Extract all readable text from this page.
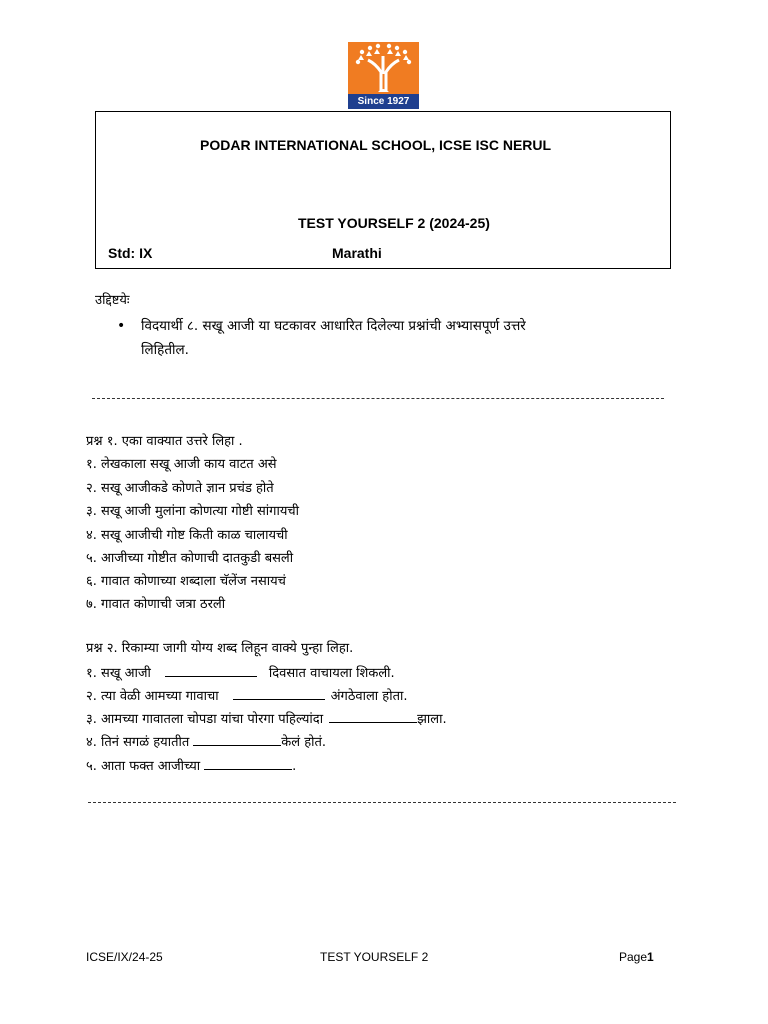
Since 1927
PODAR INTERNATIONAL SCHOOL, ICSE ISC NERUL
TEST YOURSELF 2 (2024-25)
Std: IX	Marathi
उद्दिष्टयेः
• विदयार्थी ८. सखू आजी या घटकावर आधारित दिलेल्या प्रश्नांची अभ्यासपूर्ण उत्तरे
लिहितील.
प्रश्न १. एका वाक्यात उत्तरे लिहा .
१. लेखकाला सखू आजी काय वाटत असे
२. सखू आजीकडे कोणते ज्ञान प्रचंड होते
३. सखू आजी मुलांना कोणत्या गोष्टी सांगायची
४. सखू आजीची गोष्ट किती काळ चालायची
५. आजीच्या गोष्टीत कोणाची दातकुडी बसली
६. गावात कोणाच्या शब्दाला चॅलेंज नसायचं
७. गावात कोणाची जत्रा ठरली
प्रश्न २. रिकाम्या जागी योग्य शब्द लिहून वाक्ये पुन्हा लिहा.
१. सखू आजी	दिवसात वाचायला शिकली.
२. त्या वेळी आमच्या गावाचा	अंगठेवाला होता.
३. आमच्या गावातला चोपडा यांचा पोरगा पहिल्यांदा	झाला.
४. तिनं सगळं हयातीत	केलं होतं.
५. आता फक्त आजीच्या	.
ICSE/IX/24-25	TEST YOURSELF 2	Page1
